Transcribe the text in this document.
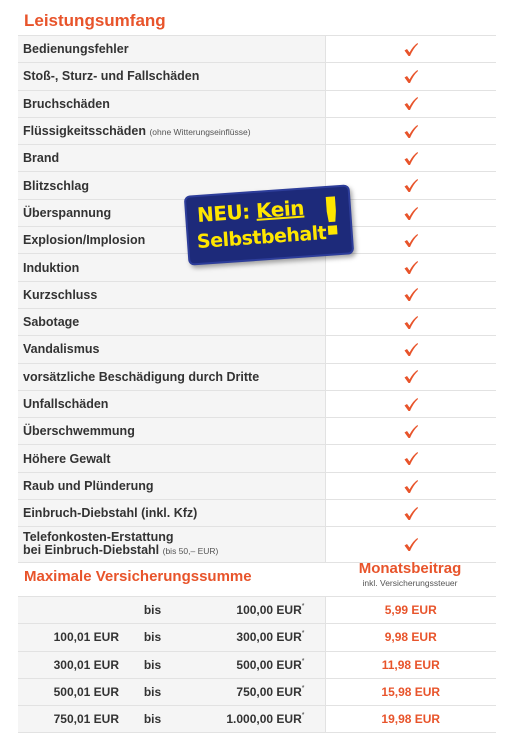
Leistungsumfang
Bedienungsfehler	
Stoß-, Sturz- und Fallschäden	
Bruchschäden	
Flüssigkeitsschäden (ohne Witterungseinflüsse)	
Brand	
Blitzschlag	
Überspannung	
Explosion/Implosion	
Induktion	
Kurzschluss	
Sabotage	
Vandalismus	
vorsätzliche Beschädigung durch Dritte	
Unfallschäden	
Überschwemmung	
Höhere Gewalt	
Raub und Plünderung	
Einbruch-Diebstahl (inkl. Kfz)	
Telefonkosten-Erstattung
bei Einbruch-Diebstahl (bis 50,– EUR)	
NEU: Kein
Selbstbehalt
!
Maximale Versicherungssumme	Monatsbeitrag
inkl. Versicherungssteuer
	bis	100,00 EUR*	5,99 EUR
100,01 EUR	bis	300,00 EUR*	9,98 EUR
300,01 EUR	bis	500,00 EUR*	11,98 EUR
500,01 EUR	bis	750,00 EUR*	15,98 EUR
750,01 EUR	bis	1.000,00 EUR*	19,98 EUR
